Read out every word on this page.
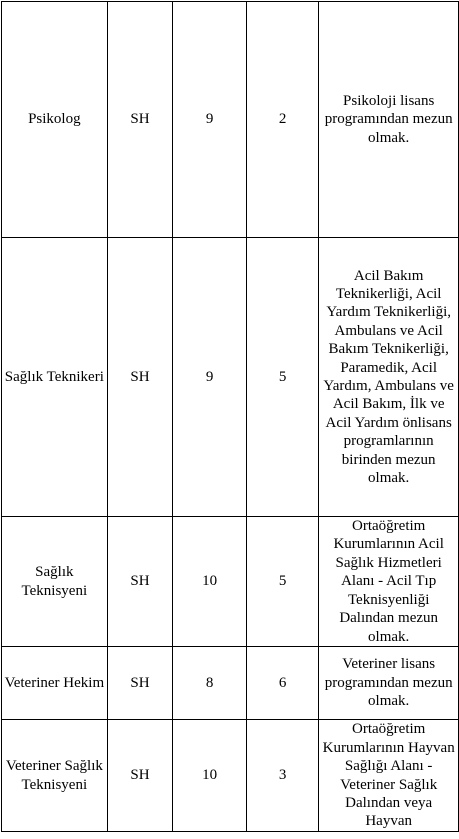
Psikolog	SH	9	2	Psikoloji lisans programından mezun olmak.

Sağlık Teknikeri	SH	9	5	Acil Bakım Teknikerliği, Acil Yardım Teknikerliği, Ambulans ve Acil Bakım Teknikerliği, Paramedik, Acil Yardım, Ambulans ve Acil Bakım, İlk ve Acil Yardım önlisans programlarının birinden mezun olmak.

Sağlık Teknisyeni	SH	10	5	Ortaöğretim Kurumlarının Acil Sağlık Hizmetleri Alanı - Acil Tıp Teknisyenliği Dalından mezun olmak.

Veteriner Hekim	SH	8	6	Veteriner lisans programından mezun olmak.

Veteriner Sağlık Teknisyeni	SH	10	3	Ortaöğretim Kurumlarının Hayvan Sağlığı Alanı - Veteriner Sağlık Dalından veya Hayvan
